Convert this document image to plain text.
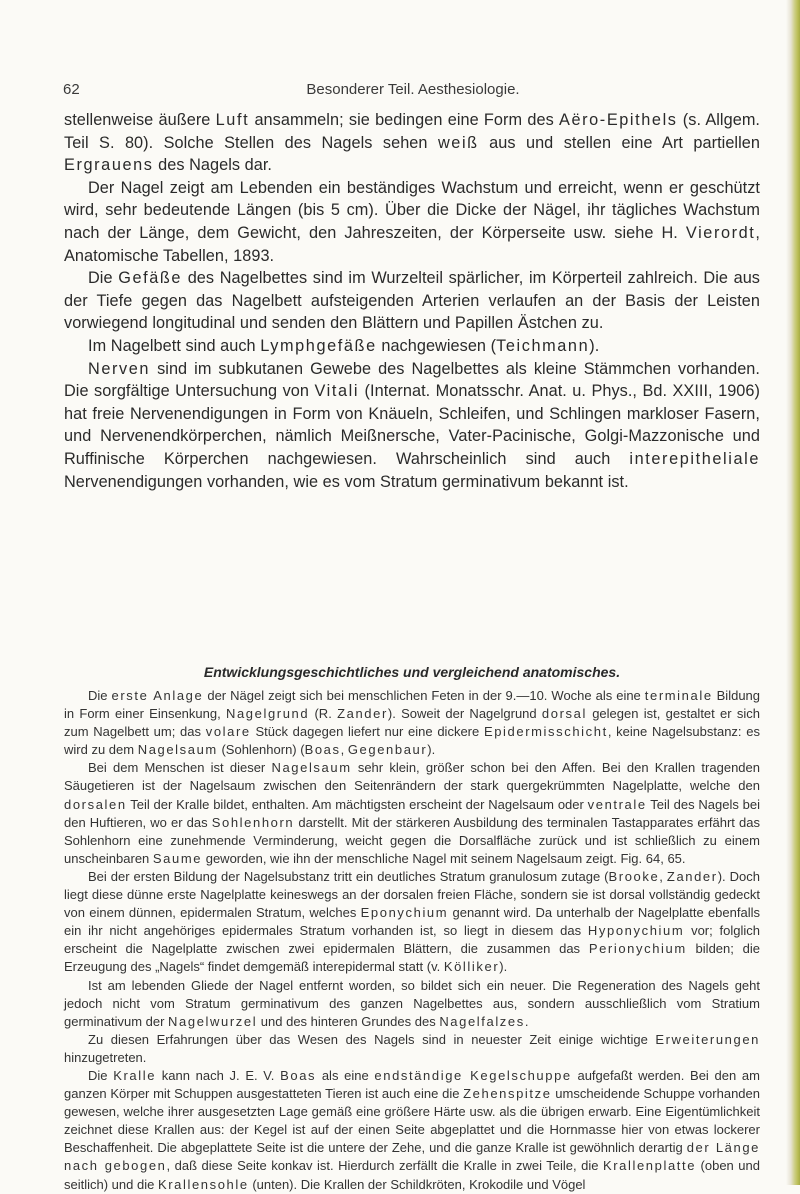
62	Besonderer Teil. Aesthesiologie.

stellenweise äußere Luft ansammeln; sie bedingen eine Form des Aëro-Epithels (s. Allgem. Teil S. 80). Solche Stellen des Nagels sehen weiß aus und stellen eine Art partiellen Ergrauens des Nagels dar.

Der Nagel zeigt am Lebenden ein beständiges Wachstum und erreicht, wenn er geschützt wird, sehr bedeutende Längen (bis 5 cm). Über die Dicke der Nägel, ihr tägliches Wachstum nach der Länge, dem Gewicht, den Jahreszeiten, der Körperseite usw. siehe H. Vierordt, Anatomische Tabellen, 1893.

Die Gefäße des Nagelbettes sind im Wurzelteil spärlicher, im Körperteil zahlreich. Die aus der Tiefe gegen das Nagelbett aufsteigenden Arterien verlaufen an der Basis der Leisten vorwiegend longitudinal und senden den Blättern und Papillen Ästchen zu.

Im Nagelbett sind auch Lymphgefäße nachgewiesen (Teichmann).

Nerven sind im subkutanen Gewebe des Nagelbettes als kleine Stämmchen vorhanden. Die sorgfältige Untersuchung von Vitali (Internat. Monatsschr. Anat. u. Phys., Bd. XXIII, 1906) hat freie Nervenendigungen in Form von Knäueln, Schleifen, und Schlingen markloser Fasern, und Nervenendkörperchen, nämlich Meißnersche, Vater-Pacinische, Golgi-Mazzonische und Ruffinische Körperchen nachgewiesen. Wahrscheinlich sind auch interepitheliale Nervenendigungen vorhanden, wie es vom Stratum germinativum bekannt ist.

Entwicklungsgeschichtliches und vergleichend anatomisches.

Die erste Anlage der Nägel zeigt sich bei menschlichen Feten in der 9.—10. Woche als eine terminale Bildung in Form einer Einsenkung, Nagelgrund (R. Zander). Soweit der Nagelgrund dorsal gelegen ist, gestaltet er sich zum Nagelbett um; das volare Stück dagegen liefert nur eine dickere Epidermisschicht, keine Nagelsubstanz: es wird zu dem Nagelsaum (Sohlenhorn) (Boas, Gegenbaur).

Bei dem Menschen ist dieser Nagelsaum sehr klein, größer schon bei den Affen. Bei den Krallen tragenden Säugetieren ist der Nagelsaum zwischen den Seitenrändern der stark quergekrümmten Nagelplatte, welche den dorsalen Teil der Kralle bildet, enthalten. Am mächtigsten erscheint der Nagelsaum oder ventrale Teil des Nagels bei den Huftieren, wo er das Sohlenhorn darstellt. Mit der stärkeren Ausbildung des terminalen Tastapparates erfährt das Sohlenhorn eine zunehmende Verminderung, weicht gegen die Dorsalfläche zurück und ist schließlich zu einem unscheinbaren Saume geworden, wie ihn der menschliche Nagel mit seinem Nagelsaum zeigt. Fig. 64, 65.

Bei der ersten Bildung der Nagelsubstanz tritt ein deutliches Stratum granulosum zutage (Brooke, Zander). Doch liegt diese dünne erste Nagelplatte keineswegs an der dorsalen freien Fläche, sondern sie ist dorsal vollständig gedeckt von einem dünnen, epidermalen Stratum, welches Eponychium genannt wird. Da unterhalb der Nagelplatte ebenfalls ein ihr nicht angehöriges epidermales Stratum vorhanden ist, so liegt in diesem das Hyponychium vor; folglich erscheint die Nagelplatte zwischen zwei epidermalen Blättern, die zusammen das Perionychium bilden; die Erzeugung des „Nagels“ findet demgemäß interepidermal statt (v. Kölliker).

Ist am lebenden Gliede der Nagel entfernt worden, so bildet sich ein neuer. Die Regeneration des Nagels geht jedoch nicht vom Stratum germinativum des ganzen Nagelbettes aus, sondern ausschließlich vom Stratium germinativum der Nagelwurzel und des hinteren Grundes des Nagelfalzes.

Zu diesen Erfahrungen über das Wesen des Nagels sind in neuester Zeit einige wichtige Erweiterungen hinzugetreten.

Die Kralle kann nach J. E. V. Boas als eine endständige Kegelschuppe aufgefaßt werden. Bei den am ganzen Körper mit Schuppen ausgestatteten Tieren ist auch eine die Zehenspitze umscheidende Schuppe vorhanden gewesen, welche ihrer ausgesetzten Lage gemäß eine größere Härte usw. als die übrigen erwarb. Eine Eigentümlichkeit zeichnet diese Krallen aus: der Kegel ist auf der einen Seite abgeplattet und die Hornmasse hier von etwas lockerer Beschaffenheit. Die abgeplattete Seite ist die untere der Zehe, und die ganze Kralle ist gewöhnlich derartig der Länge nach gebogen, daß diese Seite konkav ist. Hierdurch zerfällt die Kralle in zwei Teile, die Krallenplatte (oben und seitlich) und die Krallensohle (unten). Die Krallen der Schildkröten, Krokodile und Vögel
